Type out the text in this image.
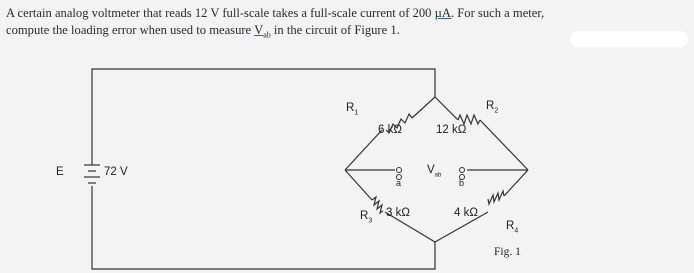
A certain analog voltmeter that reads 12 V full-scale takes a full-scale current of 200 µA. For such a meter,
compute the loading error when used to measure $V_{ab}$ in the circuit of Figure 1.
E	72 V
$R_1$
6 kΩ
$R_2$
12 kΩ
$R_3$
3 kΩ
$R_4$
4 kΩ
a	b
$V_{ab}$
Fig. 1
